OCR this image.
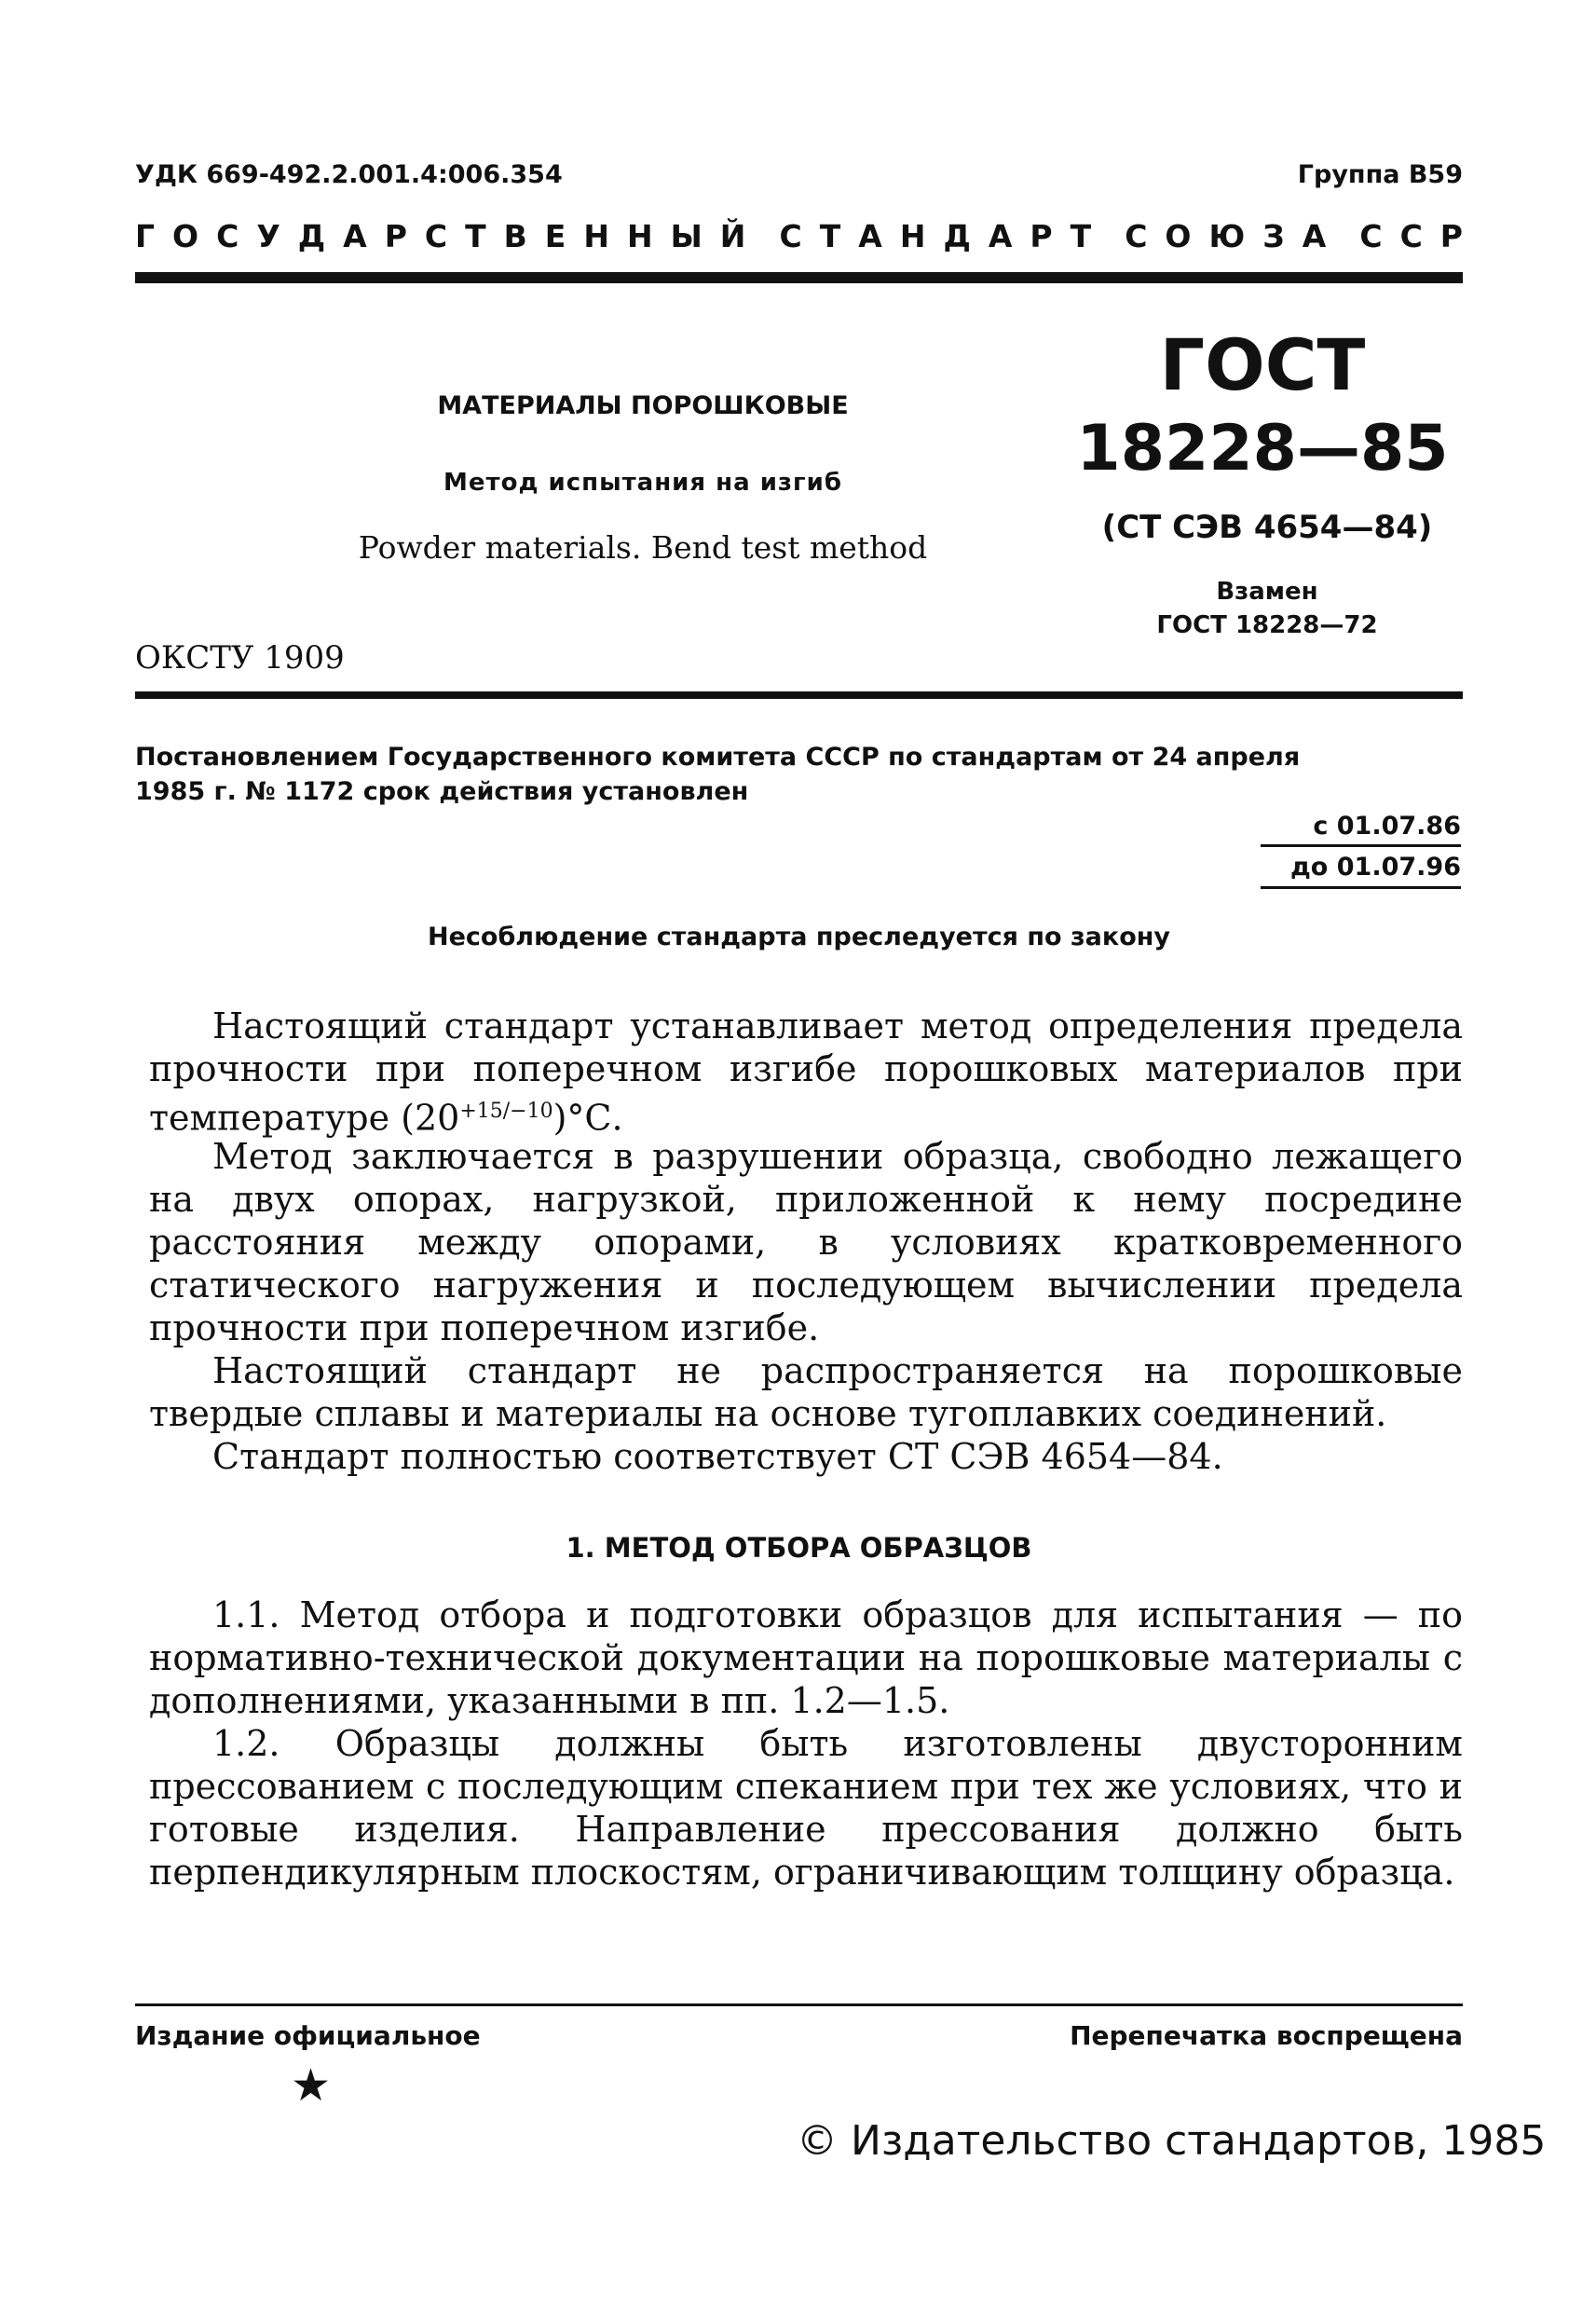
УДК 669-492.2.001.4:006.354	Группа В59
Г О С У Д А Р С Т В Е Н Н Ы Й С Т А Н Д А Р Т С О Ю З А С С Р
МАТЕРИАЛЫ ПОРОШКОВЫЕ
Метод испытания на изгиб
Powder materials. Bend test method
ОКСТУ 1909
ГОСТ
18228—85
(СТ СЭВ 4654—84)
Взамен
ГОСТ 18228—72
Постановлением Государственного комитета СССР по стандартам от 24 апреля
1985 г. № 1172 срок действия установлен
с 01.07.86
до 01.07.96
Несоблюдение стандарта преследуется по закону

Настоящий стандарт устанавливает метод определения предела прочности при поперечном изгибе порошковых материалов при температуре $(20^{+15/-10})^\circ С$.

Метод заключается в разрушении образца, свободно лежащего на двух опорах, нагрузкой, приложенной к нему посредине расстояния между опорами, в условиях кратковременного статического нагружения и последующем вычислении предела прочности при поперечном изгибе.

Настоящий стандарт не распространяется на порошковые твердые сплавы и материалы на основе тугоплавких соединений.

Стандарт полностью соответствует СТ СЭВ 4654—84.

1. МЕТОД ОТБОРА ОБРАЗЦОВ

1.1. Метод отбора и подготовки образцов для испытания — по нормативно-технической документации на порошковые материалы с дополнениями, указанными в пп. 1.2—1.5.

1.2. Образцы должны быть изготовлены двусторонним прессованием с последующим спеканием при тех же условиях, что и готовые изделия. Направление прессования должно быть перпендикулярным плоскостям, ограничивающим толщину образца.

Издание официальное	Перепечатка воспрещена
★
© Издательство стандартов, 1985
